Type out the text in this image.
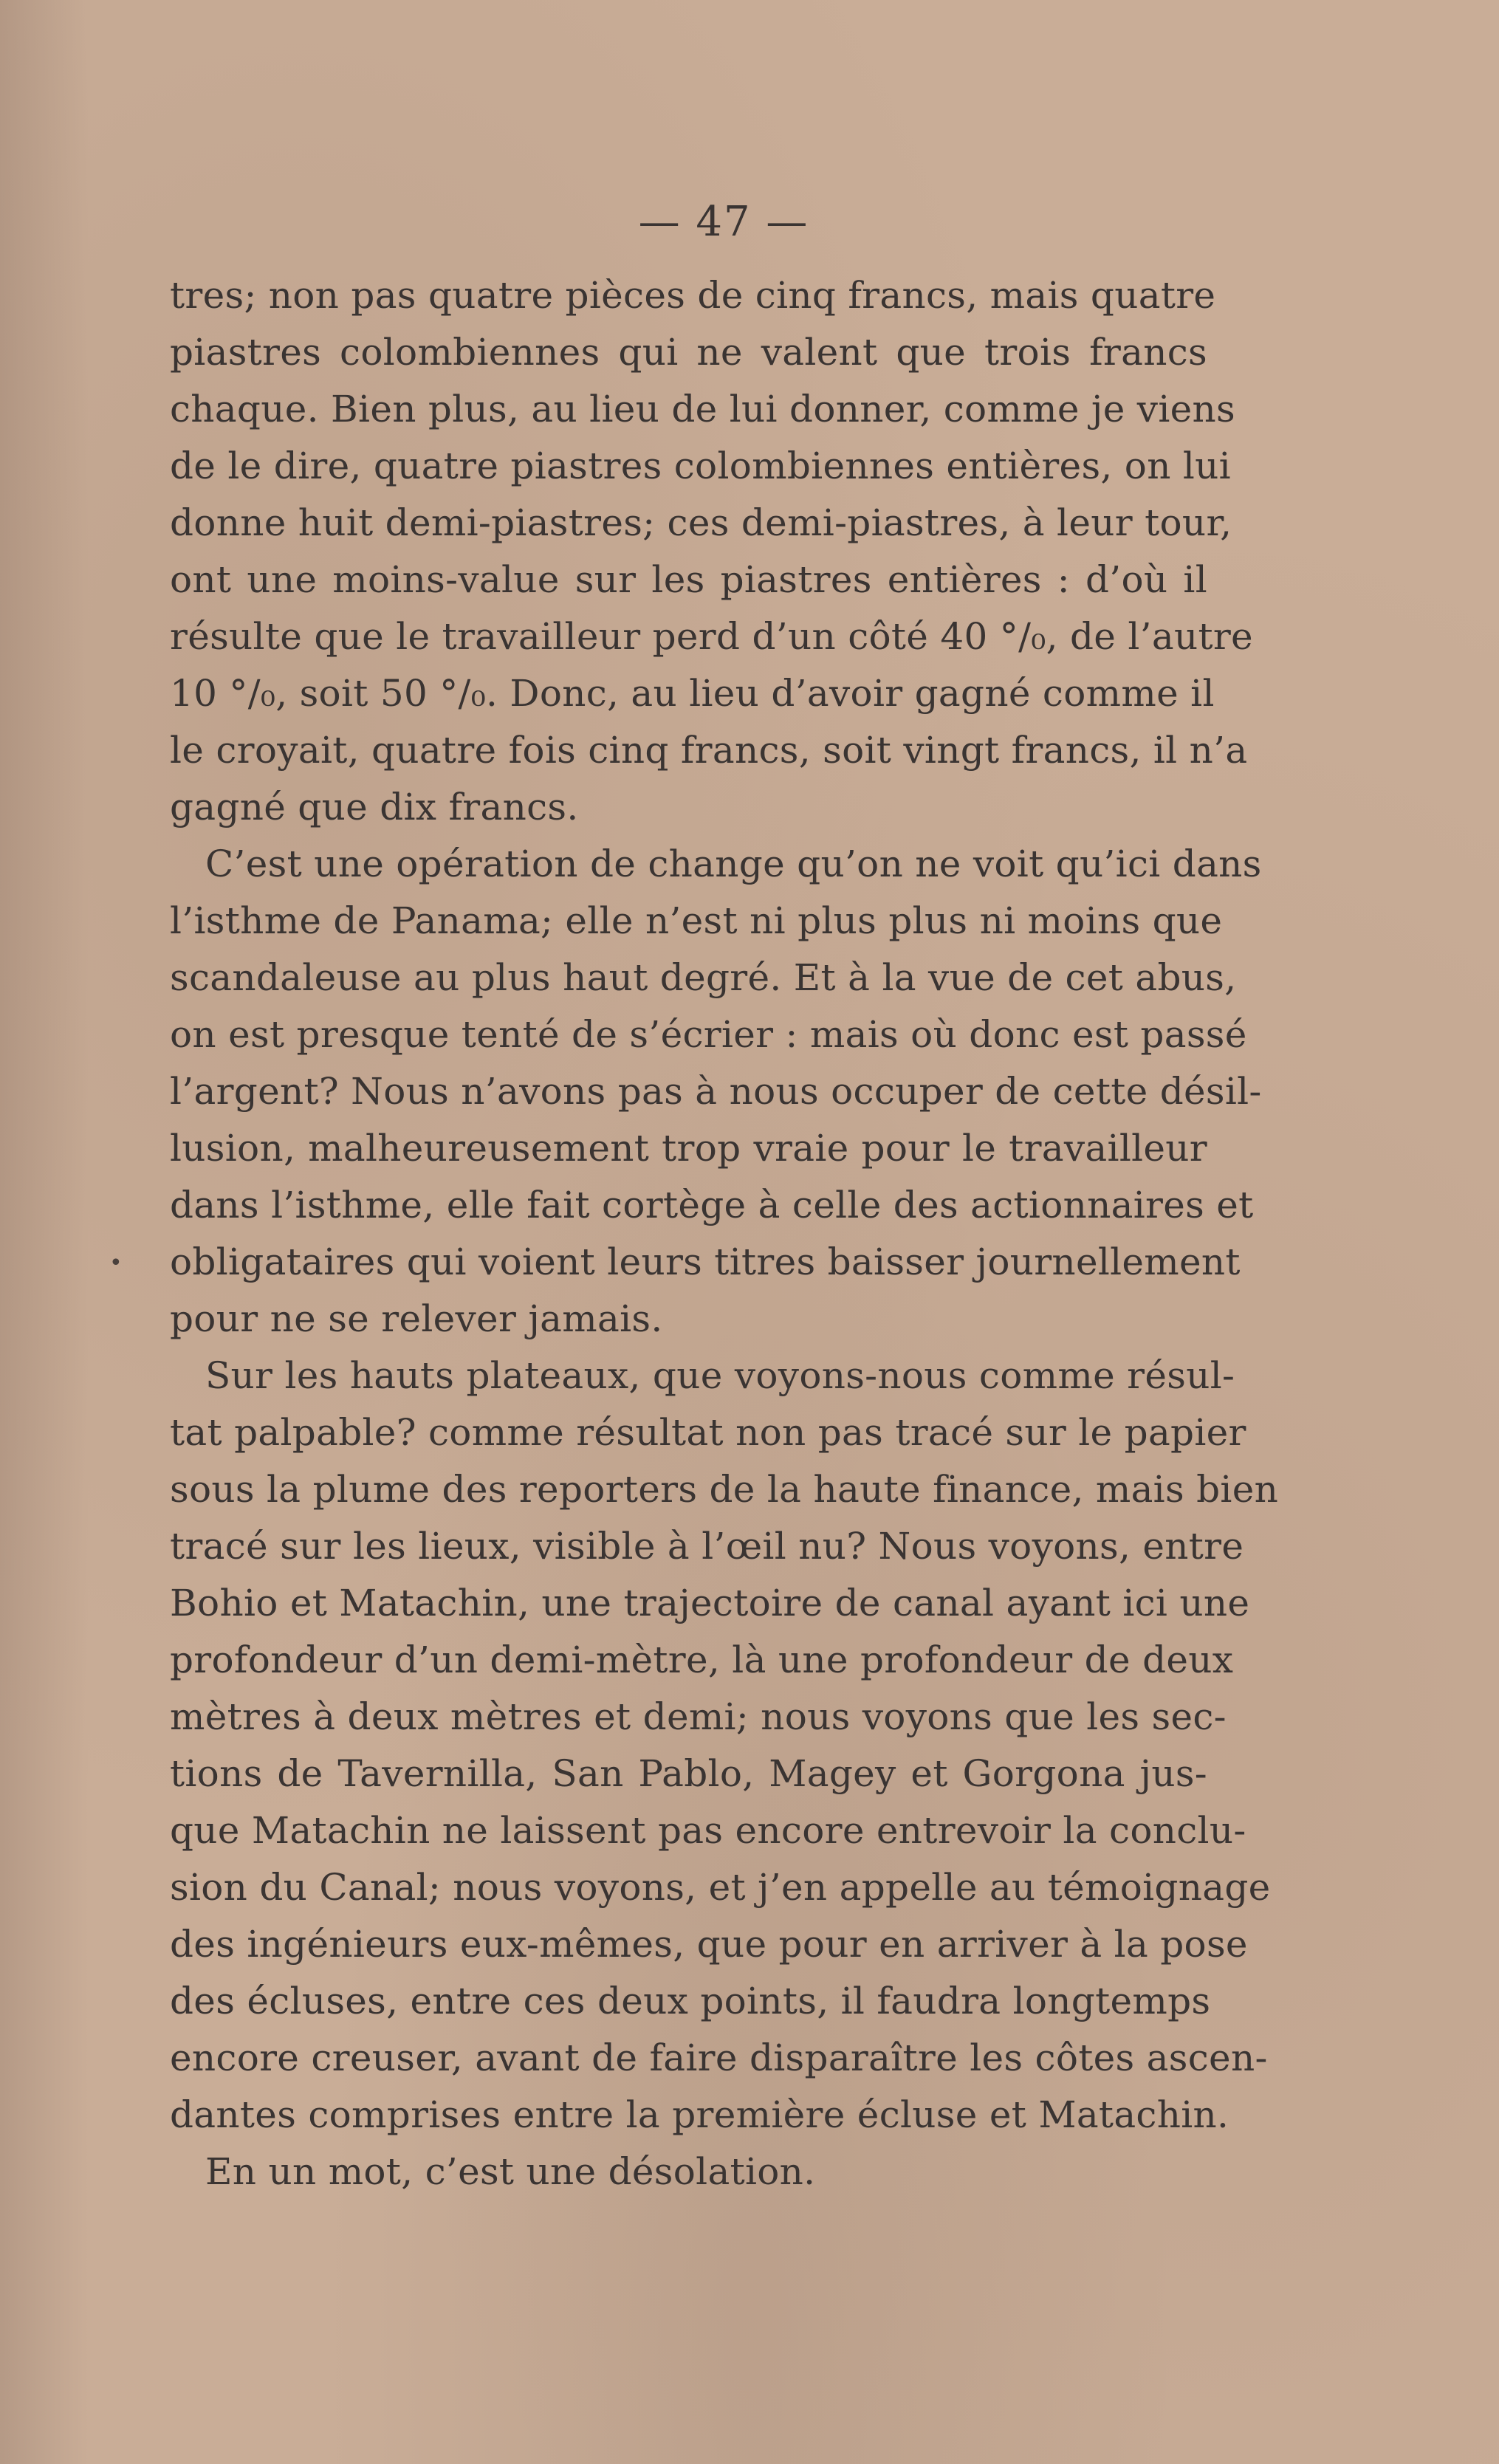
— 47 —
•
tres; non pas quatre pièces de cinq francs, mais quatre
piastres colombiennes qui ne valent que trois francs
chaque. Bien plus, au lieu de lui donner, comme je viens
de le dire, quatre piastres colombiennes entières, on lui
donne huit demi-piastres; ces demi-piastres, à leur tour,
ont une moins-value sur les piastres entières : d’où il
résulte que le travailleur perd d’un côté 40 °/₀, de l’autre
10 °/₀, soit 50 °/₀. Donc, au lieu d’avoir gagné comme il
le croyait, quatre fois cinq francs, soit vingt francs, il n’a
gagné que dix francs.
C’est une opération de change qu’on ne voit qu’ici dans
l’isthme de Panama; elle n’est ni plus plus ni moins que
scandaleuse au plus haut degré. Et à la vue de cet abus,
on est presque tenté de s’écrier : mais où donc est passé
l’argent? Nous n’avons pas à nous occuper de cette désil-
lusion, malheureusement trop vraie pour le travailleur
dans l’isthme, elle fait cortège à celle des actionnaires et
obligataires qui voient leurs titres baisser journellement
pour ne se relever jamais.
Sur les hauts plateaux, que voyons-nous comme résul-
tat palpable? comme résultat non pas tracé sur le papier
sous la plume des reporters de la haute finance, mais bien
tracé sur les lieux, visible à l’œil nu? Nous voyons, entre
Bohio et Matachin, une trajectoire de canal ayant ici une
profondeur d’un demi-mètre, là une profondeur de deux
mètres à deux mètres et demi; nous voyons que les sec-
tions de Tavernilla, San Pablo, Magey et Gorgona jus-
que Matachin ne laissent pas encore entrevoir la conclu-
sion du Canal; nous voyons, et j’en appelle au témoignage
des ingénieurs eux-mêmes, que pour en arriver à la pose
des écluses, entre ces deux points, il faudra longtemps
encore creuser, avant de faire disparaître les côtes ascen-
dantes comprises entre la première écluse et Matachin.
En un mot, c’est une désolation.
